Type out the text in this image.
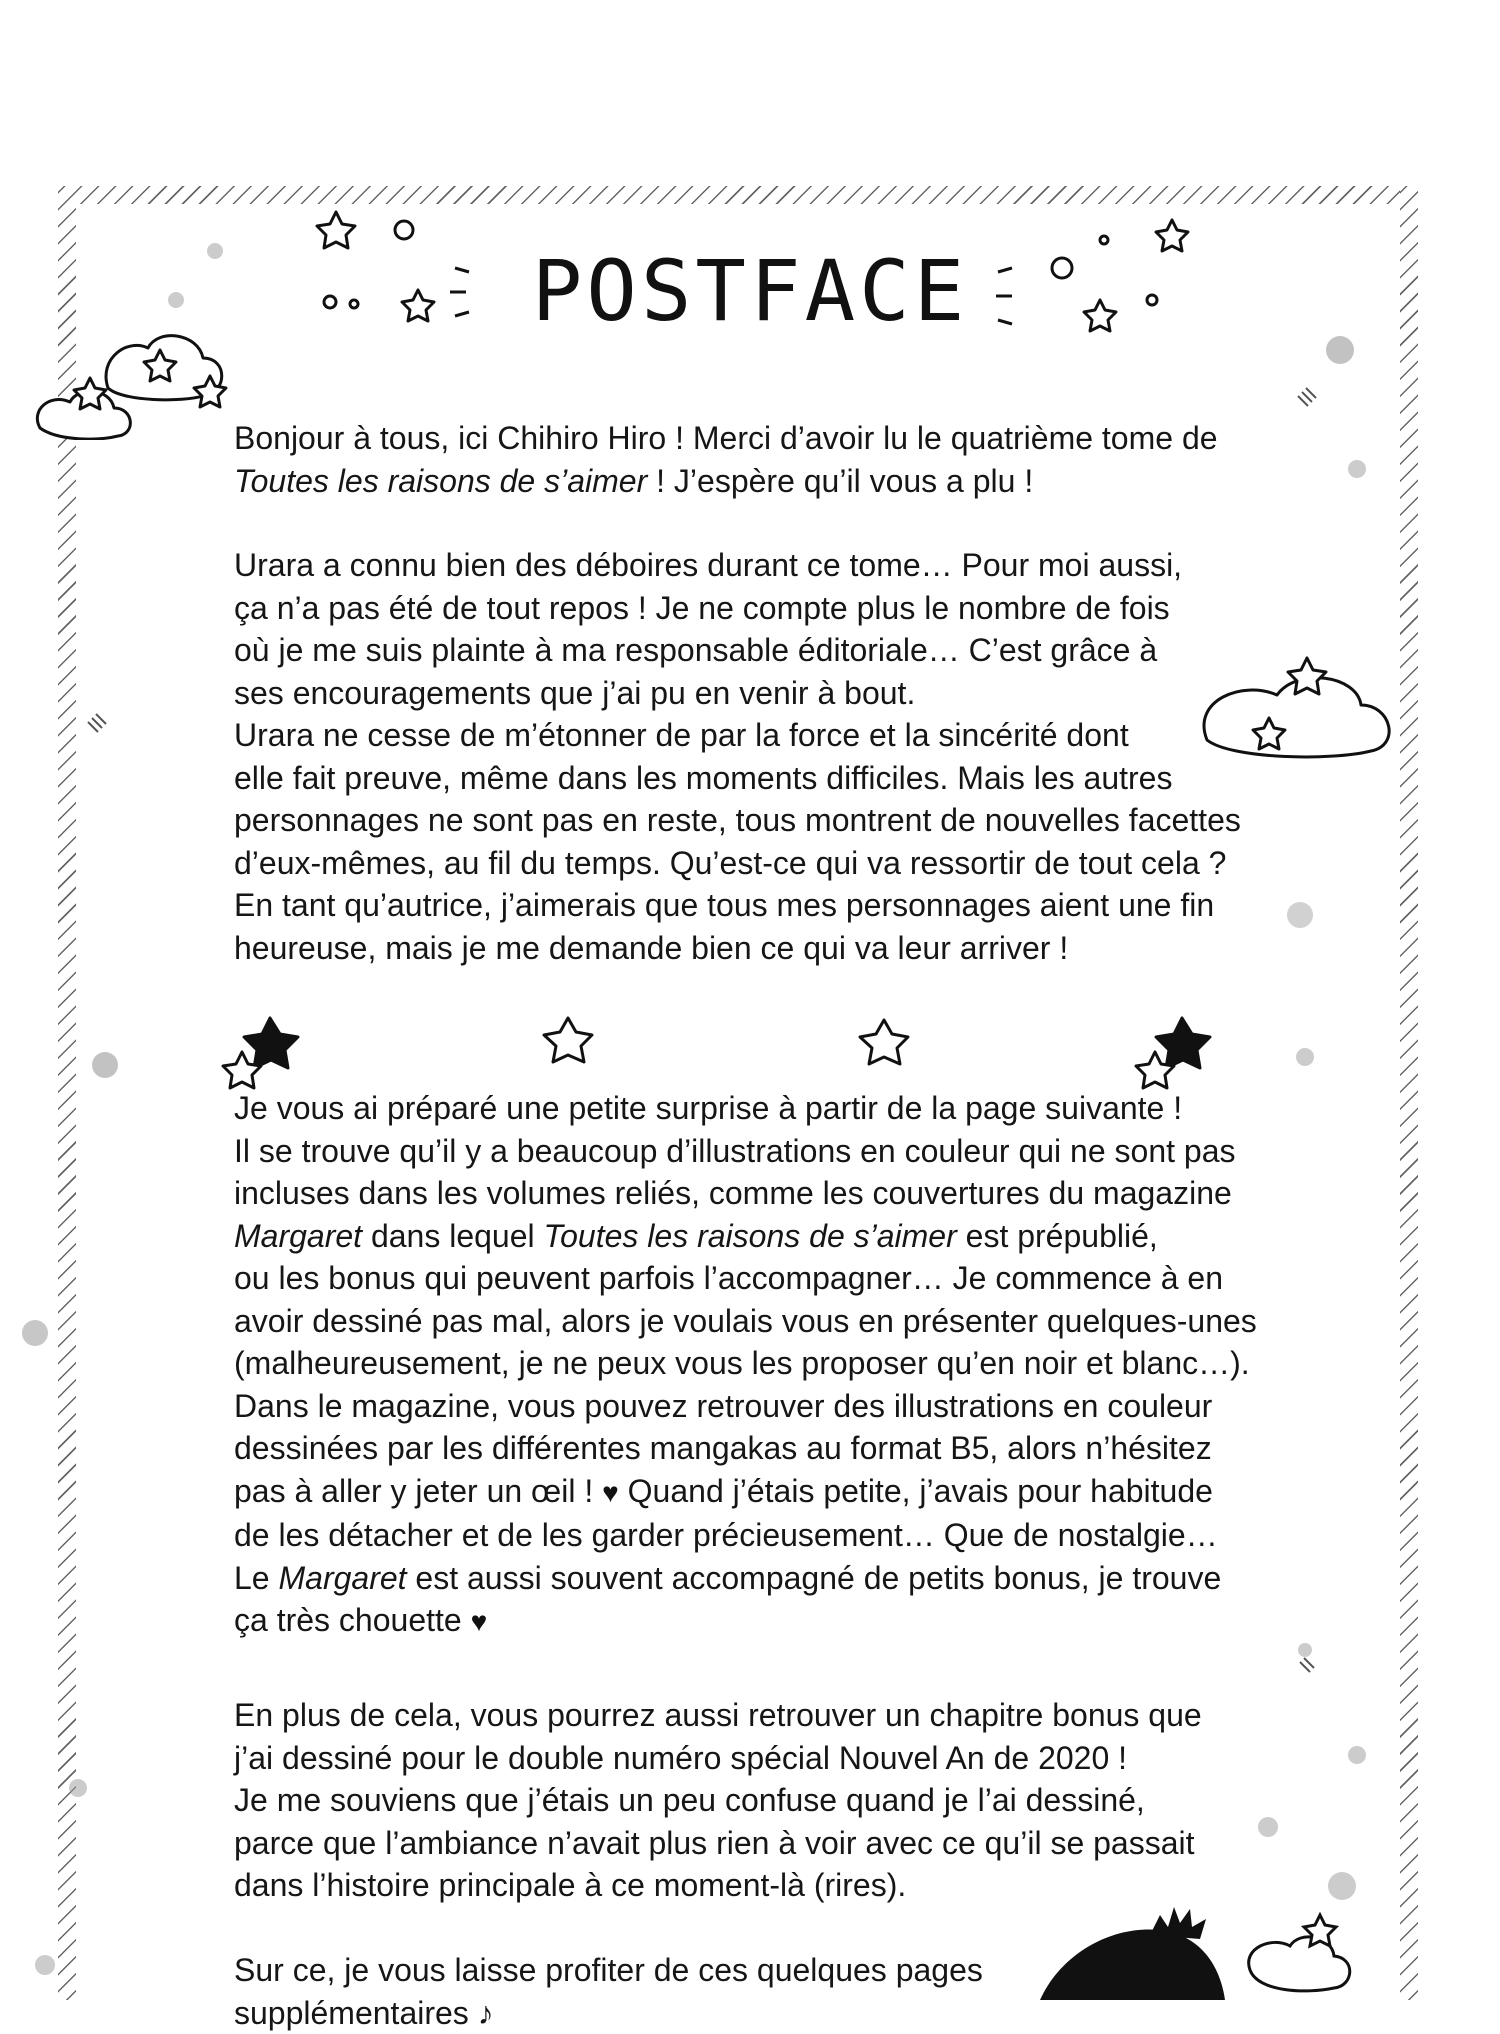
POSTFACE

Bonjour à tous, ici Chihiro Hiro ! Merci d’avoir lu le quatrième tome de

Toutes les raisons de s’aimer ! J’espère qu’il vous a plu !

Urara a connu bien des déboires durant ce tome… Pour moi aussi,

ça n’a pas été de tout repos ! Je ne compte plus le nombre de fois

où je me suis plainte à ma responsable éditoriale… C’est grâce à

ses encouragements que j’ai pu en venir à bout.

Urara ne cesse de m’étonner de par la force et la sincérité dont

elle fait preuve, même dans les moments difficiles. Mais les autres

personnages ne sont pas en reste, tous montrent de nouvelles facettes

d’eux-mêmes, au fil du temps. Qu’est-ce qui va ressortir de tout cela ?

En tant qu’autrice, j’aimerais que tous mes personnages aient une fin

heureuse, mais je me demande bien ce qui va leur arriver !

Je vous ai préparé une petite surprise à partir de la page suivante !

Il se trouve qu’il y a beaucoup d’illustrations en couleur qui ne sont pas

incluses dans les volumes reliés, comme les couvertures du magazine

Margaret dans lequel Toutes les raisons de s’aimer est prépublié,

ou les bonus qui peuvent parfois l’accompagner… Je commence à en

avoir dessiné pas mal, alors je voulais vous en présenter quelques-unes

(malheureusement, je ne peux vous les proposer qu’en noir et blanc…).

Dans le magazine, vous pouvez retrouver des illustrations en couleur

dessinées par les différentes mangakas au format B5, alors n’hésitez

pas à aller y jeter un œil ! ♥ Quand j’étais petite, j’avais pour habitude

de les détacher et de les garder précieusement… Que de nostalgie…

Le Margaret est aussi souvent accompagné de petits bonus, je trouve

ça très chouette ♥

En plus de cela, vous pourrez aussi retrouver un chapitre bonus que

j’ai dessiné pour le double numéro spécial Nouvel An de 2020 !

Je me souviens que j’étais un peu confuse quand je l’ai dessiné,

parce que l’ambiance n’avait plus rien à voir avec ce qu’il se passait

dans l’histoire principale à ce moment-là (rires).

Sur ce, je vous laisse profiter de ces quelques pages

supplémentaires ♪
